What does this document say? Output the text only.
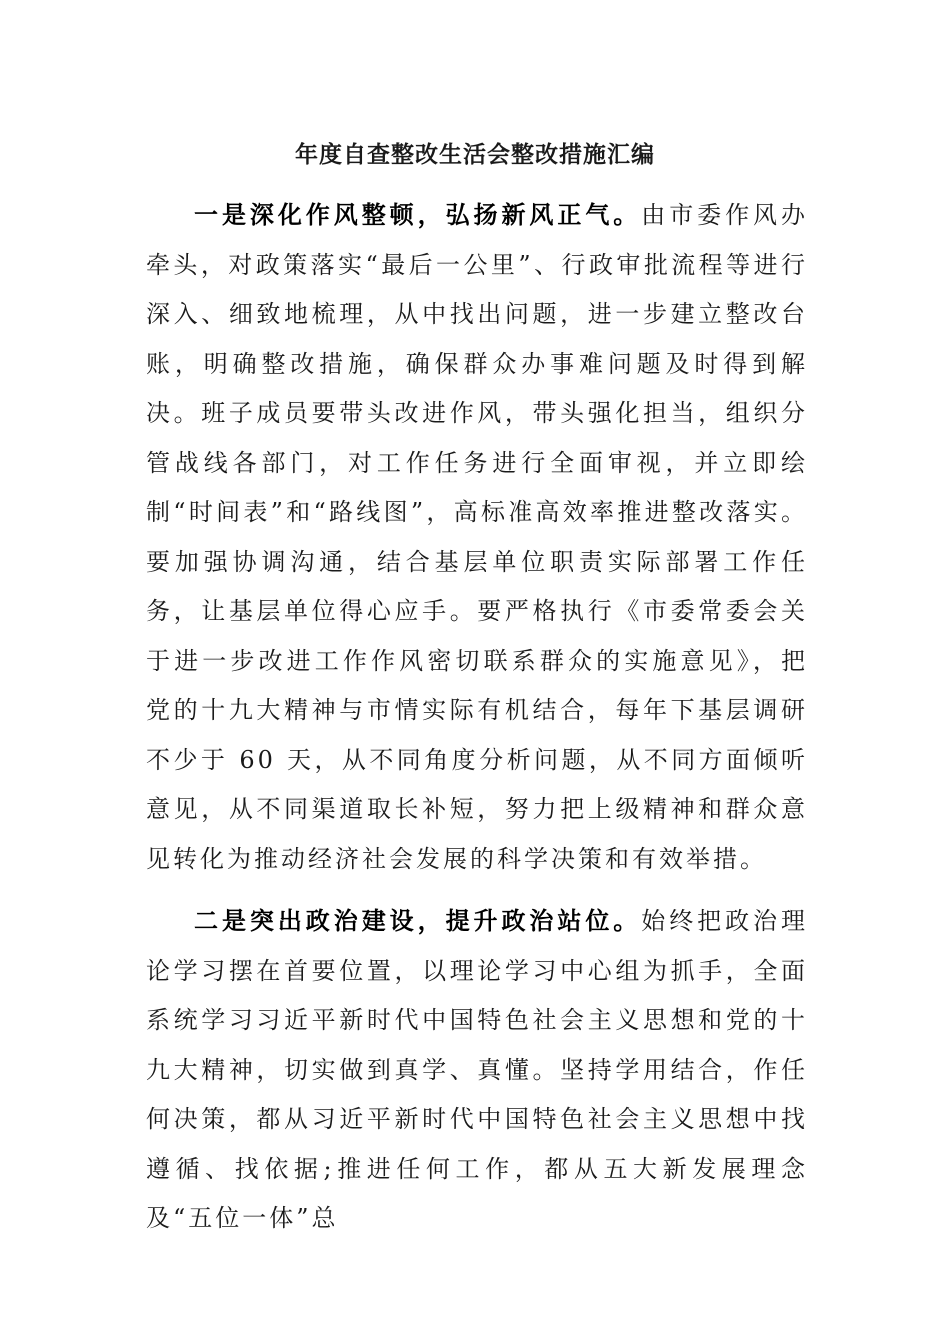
年度自查整改生活会整改措施汇编

一是深化作风整顿，弘扬新风正气。由市委作风办牵头，对政策落实“最后一公里”、行政审批流程等进行深入、细致地梳理，从中找出问题，进一步建立整改台账，明确整改措施，确保群众办事难问题及时得到解决。班子成员要带头改进作风，带头强化担当，组织分管战线各部门，对工作任务进行全面审视，并立即绘制“时间表”和“路线图”，高标准高效率推进整改落实。要加强协调沟通，结合基层单位职责实际部署工作任务，让基层单位得心应手。要严格执行《市委常委会关于进一步改进工作作风密切联系群众的实施意见》，把党的十九大精神与市情实际有机结合，每年下基层调研不少于 60 天，从不同角度分析问题，从不同方面倾听意见，从不同渠道取长补短，努力把上级精神和群众意见转化为推动经济社会发展的科学决策和有效举措。

二是突出政治建设，提升政治站位。始终把政治理论学习摆在首要位置，以理论学习中心组为抓手，全面系统学习习近平新时代中国特色社会主义思想和党的十九大精神，切实做到真学、真懂。坚持学用结合，作任何决策，都从习近平新时代中国特色社会主义思想中找遵循、找依据;推进任何工作，都从五大新发展理念及“五位一体”总
